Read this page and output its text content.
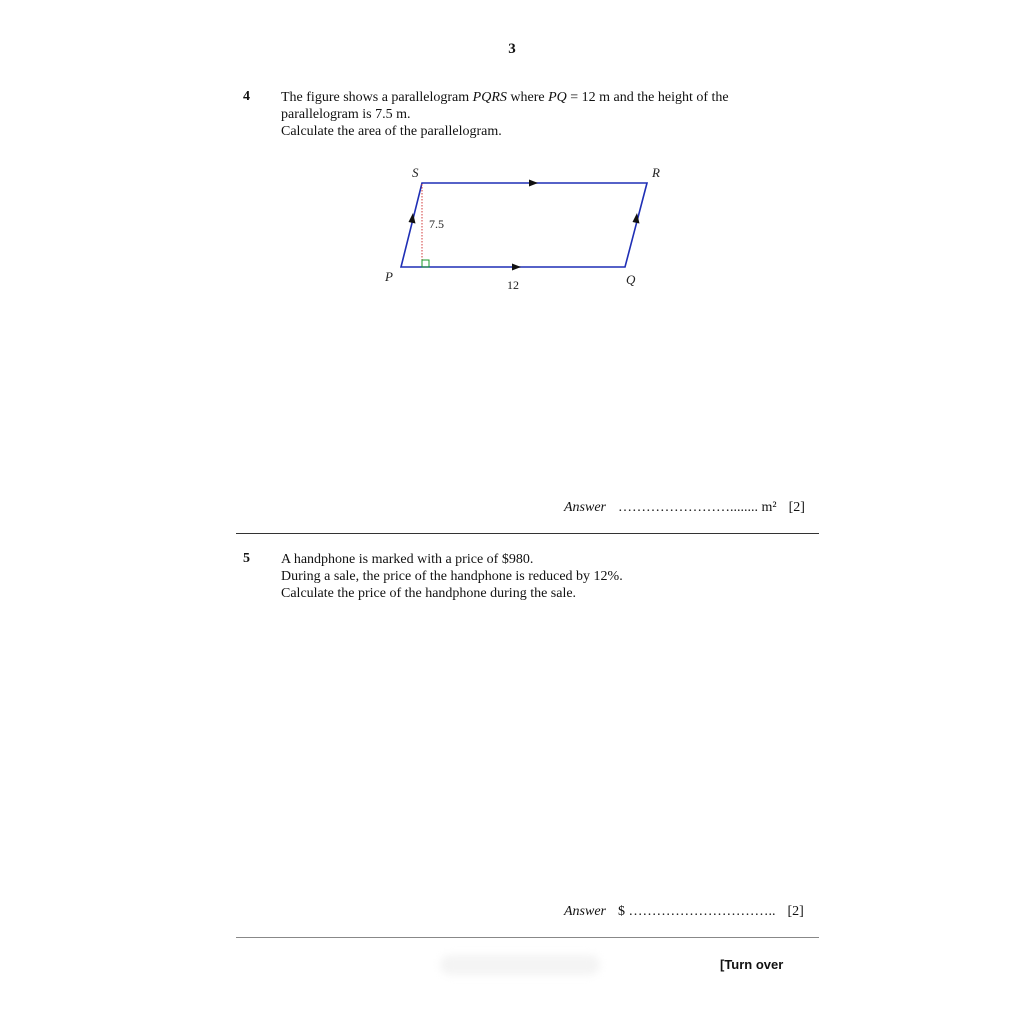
3
4 The figure shows a parallelogram PQRS where PQ = 12 m and the height of the
parallelogram is 7.5 m.
Calculate the area of the parallelogram.
S	R
P	Q
7.5
12
Answer ……………………........ m² [2]
5 A handphone is marked with a price of $980.
During a sale, the price of the handphone is reduced by 12%.
Calculate the price of the handphone during the sale.
Answer $ ………………………….. [2]
[Turn over
